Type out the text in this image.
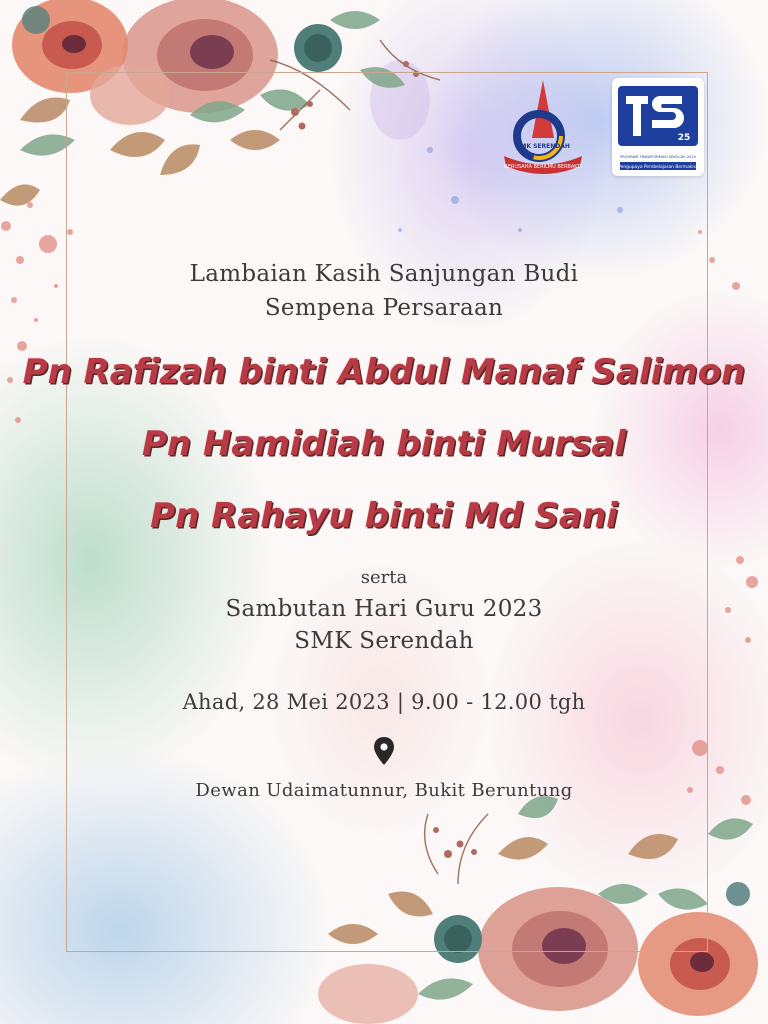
SMK SERENDAH
BERUSAHA BERILMU BERBAKTI
25
PROGRAM TRANSFORMASI SEKOLAH 2025
Pengupaya Pembelajaran Bermakna
Lambaian Kasih Sanjungan Budi
Sempena Persaraan
Pn Rafizah binti Abdul Manaf Salimon
Pn Hamidiah binti Mursal
Pn Rahayu binti Md Sani
serta
Sambutan Hari Guru 2023
SMK Serendah
Ahad, 28 Mei 2023 | 9.00 - 12.00 tgh
Dewan Udaimatunnur, Bukit Beruntung
